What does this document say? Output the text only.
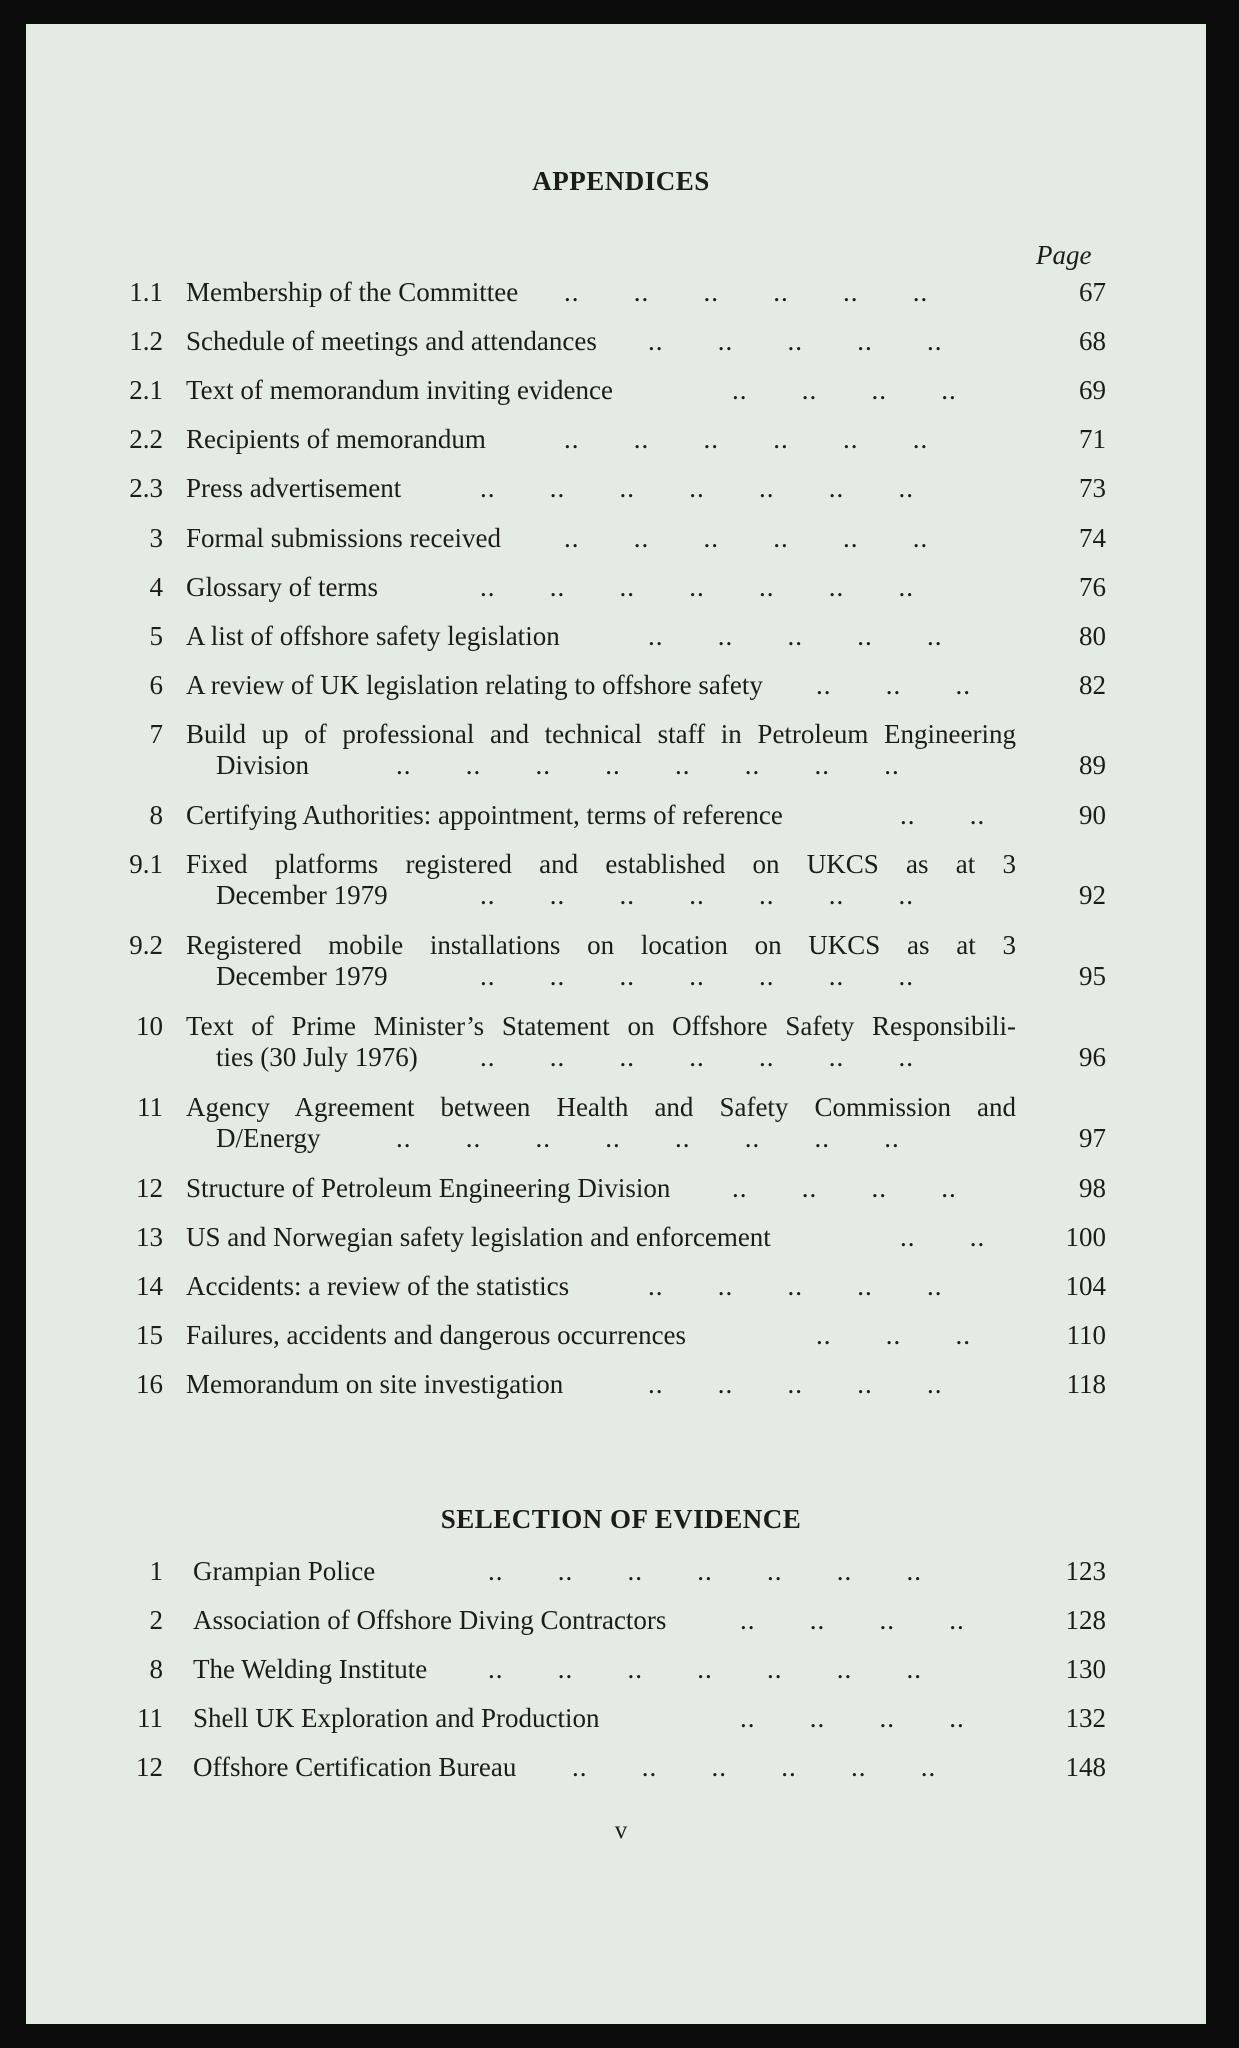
APPENDICES
Page
1.1 Membership of the Committee	..       ..       ..       ..       ..       ..	67
1.2 Schedule of meetings and attendances	..       ..       ..       ..       ..	68
2.1 Text of memorandum inviting evidence	..       ..       ..       ..	69
2.2 Recipients of memorandum	..       ..       ..       ..       ..       ..	71
2.3 Press advertisement	..       ..       ..       ..       ..       ..       ..	73
3 Formal submissions received	..       ..       ..       ..       ..       ..	74
4 Glossary of terms	..       ..       ..       ..       ..       ..       ..	76
5 A list of offshore safety legislation	..       ..       ..       ..       ..	80
6 A review of UK legislation relating to offshore safety	..       ..       ..	82
7 Build up of professional and technical staff in Petroleum Engineering
Division	..       ..       ..       ..       ..       ..       ..       ..	89
8 Certifying Authorities: appointment, terms of reference	..       ..	90
9.1 Fixed platforms registered and established on UKCS as at 3
December 1979	..       ..       ..       ..       ..       ..       ..	92
9.2 Registered mobile installations on location on UKCS as at 3
December 1979	..       ..       ..       ..       ..       ..       ..	95
10 Text of Prime Minister’s Statement on Offshore Safety Responsibili-
ties (30 July 1976)	..       ..       ..       ..       ..       ..       ..	96
11 Agency Agreement between Health and Safety Commission and
D/Energy	..       ..       ..       ..       ..       ..       ..       ..	97
12 Structure of Petroleum Engineering Division	..       ..       ..       ..	98
13 US and Norwegian safety legislation and enforcement	..       ..	100
14 Accidents: a review of the statistics	..       ..       ..       ..       ..	104
15 Failures, accidents and dangerous occurrences	..       ..       ..	110
16 Memorandum on site investigation	..       ..       ..       ..       ..	118
SELECTION OF EVIDENCE
1 Grampian Police	..       ..       ..       ..       ..       ..       ..	123
2 Association of Offshore Diving Contractors	..       ..       ..       ..	128
8 The Welding Institute	..       ..       ..       ..       ..       ..       ..	130
11 Shell UK Exploration and Production	..       ..       ..       ..	132
12 Offshore Certification Bureau	..       ..       ..       ..       ..       ..	148
v
